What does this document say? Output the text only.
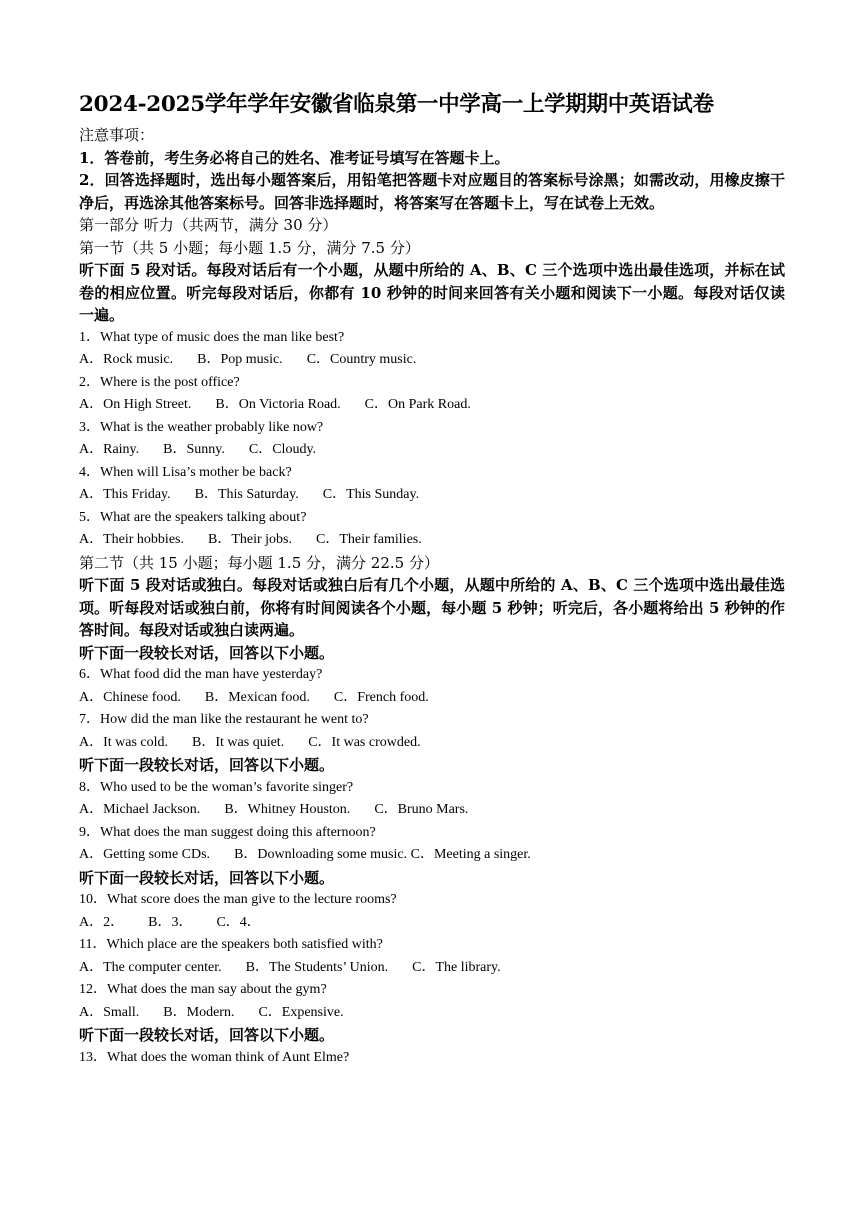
2024-2025学年学年安徽省临泉第一中学高一上学期期中英语试卷
注意事项：
1．答卷前，考生务必将自己的姓名、准考证号填写在答题卡上。
2．回答选择题时，选出每小题答案后，用铅笔把答题卡对应题目的答案标号涂黑；如需改动，用橡皮擦干净后，再选涂其他答案标号。回答非选择题时，将答案写在答题卡上，写在试卷上无效。
第一部分 听力（共两节，满分 30 分）
第一节（共 5 小题；每小题 1.5 分，满分 7.5 分）
听下面 5 段对话。每段对话后有一个小题，从题中所给的 A、B、C 三个选项中选出最佳选项，并标在试卷的相应位置。听完每段对话后，你都有 10 秒钟的时间来回答有关小题和阅读下一小题。每段对话仅读一遍。
1．What type of music does the man like best?
A．Rock music. B．Pop music. C．Country music.
2．Where is the post office?
A．On High Street. B．On Victoria Road. C．On Park Road.
3．What is the weather probably like now?
A．Rainy. B．Sunny. C．Cloudy.
4．When will Lisa’s mother be back?
A．This Friday. B．This Saturday. C．This Sunday.
5．What are the speakers talking about?
A．Their hobbies. B．Their jobs. C．Their families.
第二节（共 15 小题；每小题 1.5 分，满分 22.5 分）
听下面 5 段对话或独白。每段对话或独白后有几个小题，从题中所给的 A、B、C 三个选项中选出最佳选项。听每段对话或独白前，你将有时间阅读各个小题，每小题 5 秒钟；听完后，各小题将给出 5 秒钟的作答时间。每段对话或独白读两遍。
听下面一段较长对话，回答以下小题。
6．What food did the man have yesterday?
A．Chinese food. B．Mexican food. C．French food.
7．How did the man like the restaurant he went to?
A．It was cold. B．It was quiet. C．It was crowded.
听下面一段较长对话，回答以下小题。
8．Who used to be the woman’s favorite singer?
A．Michael Jackson. B．Whitney Houston. C．Bruno Mars.
9．What does the man suggest doing this afternoon?
A．Getting some CDs. B．Downloading some music. C．Meeting a singer.
听下面一段较长对话，回答以下小题。
10．What score does the man give to the lecture rooms?
A．2． B．3． C．4．
11．Which place are the speakers both satisfied with?
A．The computer center. B．The Students’ Union. C．The library.
12．What does the man say about the gym?
A．Small. B．Modern. C．Expensive.
听下面一段较长对话，回答以下小题。
13．What does the woman think of Aunt Elme?
